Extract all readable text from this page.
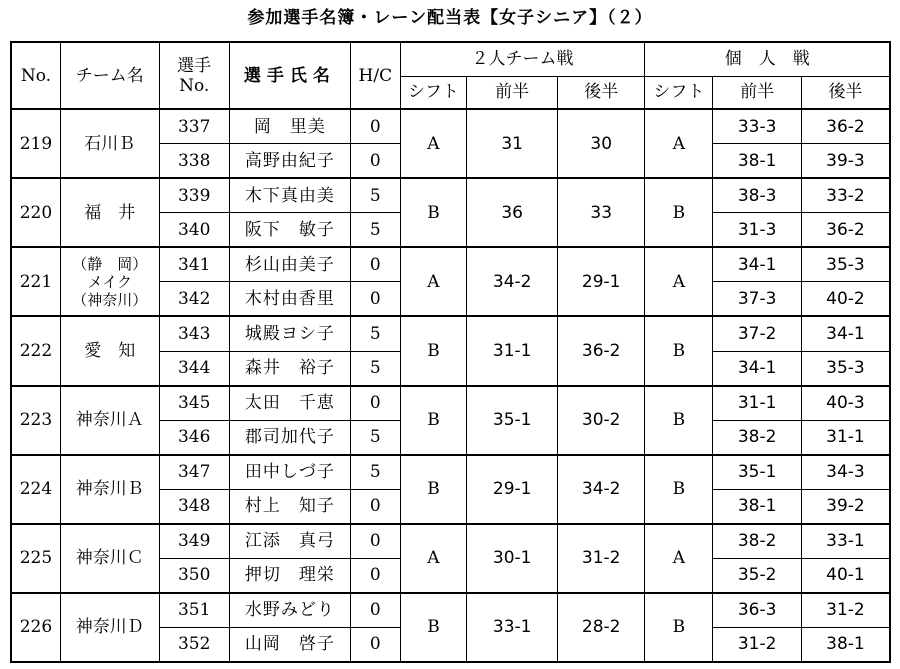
参加選手名簿・レーン配当表【女子シニア】（２）
No.	チーム名	選手
No.	選手氏名	H/C	２人チーム戦			個　人　戦		
					シフト	前半	後半	シフト	前半	後半
219	石川Ｂ	337	岡　里美	0	A	31	30	A	33-3	36-2
		338	高野由紀子	0					38-1	39-3
220	福　井	339	木下真由美	5	B	36	33	B	38-3	33-2
		340	阪下　敏子	5					31-3	36-2
221	（静　岡）
メイク
（神奈川）	341	杉山由美子	0	A	34-2	29-1	A	34-1	35-3
		342	木村由香里	0					37-3	40-2
222	愛　知	343	城殿ヨシ子	5	B	31-1	36-2	B	37-2	34-1
		344	森井　裕子	5					34-1	35-3
223	神奈川Ａ	345	太田　千恵	0	B	35-1	30-2	B	31-1	40-3
		346	郡司加代子	5					38-2	31-1
224	神奈川Ｂ	347	田中しづ子	5	B	29-1	34-2	B	35-1	34-3
		348	村上　知子	0					38-1	39-2
225	神奈川Ｃ	349	江添　真弓	0	A	30-1	31-2	A	38-2	33-1
		350	押切　理栄	0					35-2	40-1
226	神奈川Ｄ	351	水野みどり	0	B	33-1	28-2	B	36-3	31-2
		352	山岡　啓子	0					31-2	38-1
